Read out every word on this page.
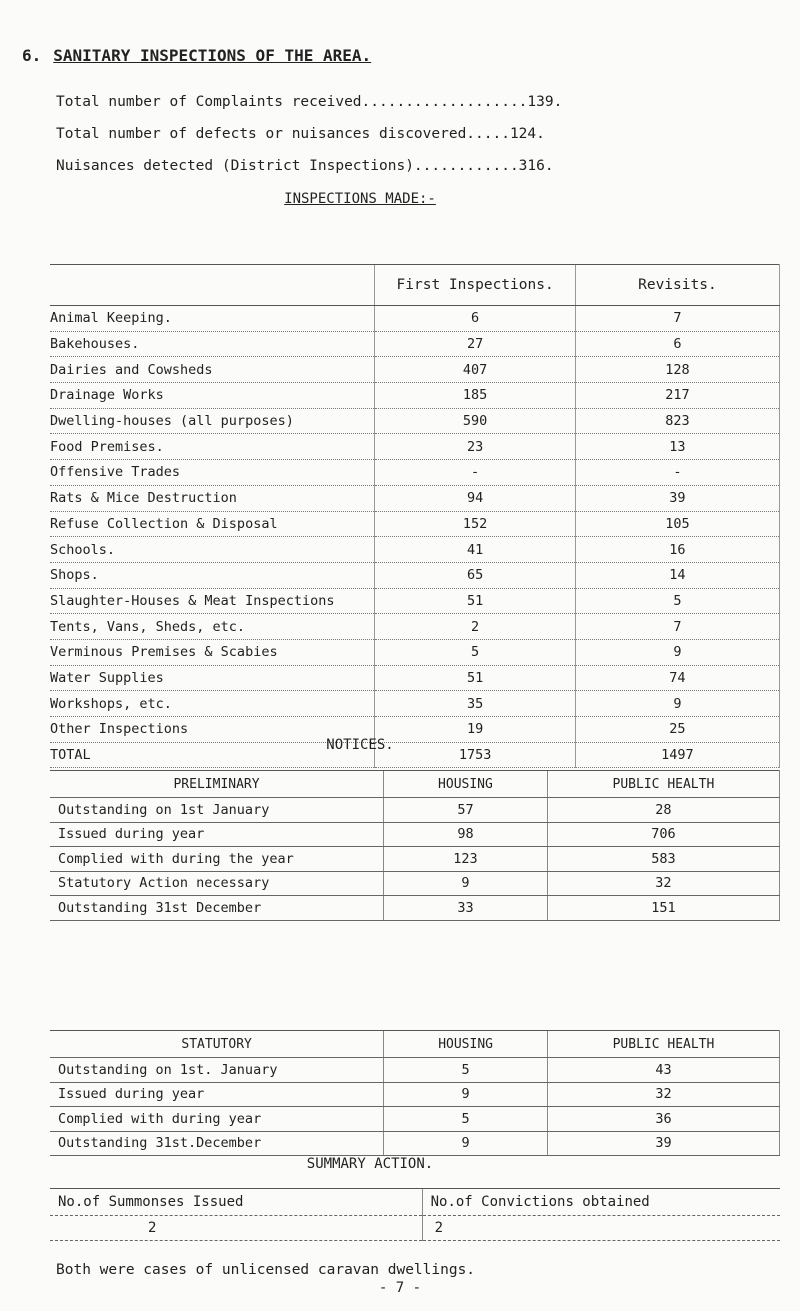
6. SANITARY INSPECTIONS OF THE AREA.
Total number of Complaints received...................139.
Total number of defects or nuisances discovered.....124.
Nuisances detected (District Inspections)............316.
INSPECTIONS MADE:-
	First Inspections.	Revisits.
Animal Keeping.	6	7
Bakehouses.	27	6
Dairies and Cowsheds	407	128
Drainage Works	185	217
Dwelling-houses (all purposes)	590	823
Food Premises.	23	13
Offensive Trades	-	-
Rats & Mice Destruction	94	39
Refuse Collection & Disposal	152	105
Schools.	41	16
Shops.	65	14
Slaughter-Houses & Meat Inspections	51	5
Tents, Vans, Sheds, etc.	2	7
Verminous Premises & Scabies	5	9
Water Supplies	51	74
Workshops, etc.	35	9
Other Inspections	19	25
TOTAL	1753	1497
NOTICES.
PRELIMINARY	HOUSING	PUBLIC HEALTH
Outstanding on 1st January	57	28
Issued during year	98	706
Complied with during the year	123	583
Statutory Action necessary	9	32
Outstanding 31st December	33	151
STATUTORY	HOUSING	PUBLIC HEALTH
Outstanding on 1st. January	5	43
Issued during year	9	32
Complied with during year	5	36
Outstanding 31st.December	9	39
SUMMARY ACTION.
No.of Summonses Issued	No.of Convictions obtained
2	2
Both were cases of unlicensed caravan dwellings.
- 7 -
